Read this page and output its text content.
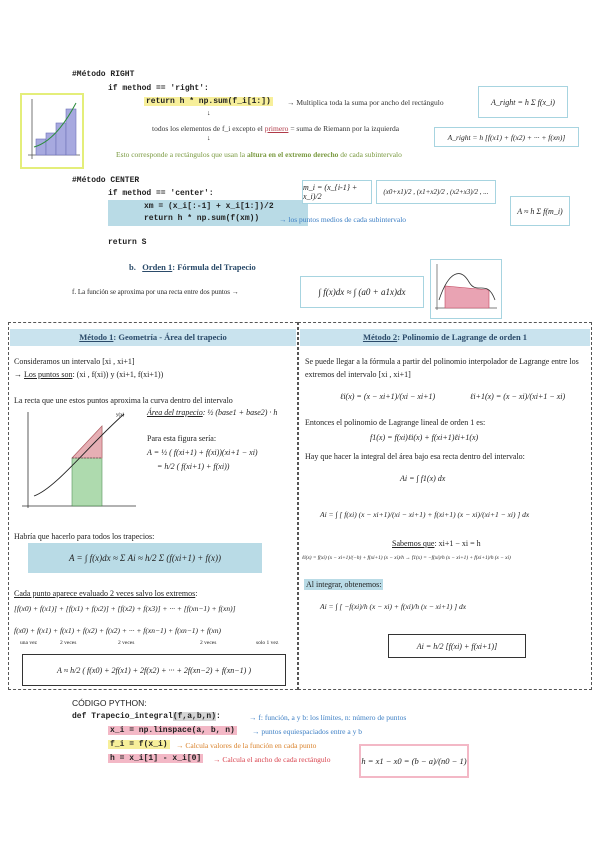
#Método RIGHT
if method == 'right':
return h * np.sum(f_i[1:]) → Multiplica toda la suma por ancho del rectángulo
↓
A_right = h Σ f(x_i)
todos los elementos de f_i excepto el primero = suma de Riemann por la izquierda
↓	A_right = h [f(x1) + f(x2) + ··· + f(xn)]
Esto corresponde a rectángulos que usan la altura en el extremo derecho de cada subintervalo
#Método CENTER
if method == 'center':
xm = (x_i[:-1] + x_i[1:])/2
return h * np.sum(f(xm))	→ los puntos medios de cada subintervalo
m_i = (x_{i-1} + x_i)/2	(x0+x1)/2 , (x1+x2)/2 , (x2+x3)/2 , ...
A ≈ h Σ f(m_i)
return S
b. Orden 1: Fórmula del Trapecio
f. La función se aproxima por una recta entre dos puntos →	∫ f(x)dx ≈ ∫ (a0 + a1x)dx
Método 1: Geometría - Área del trapecio	Método 2: Polinomio de Lagrange de orden 1
Consideramos un intervalo [xi , xi+1]
→ Los puntos son: (xi , f(xi)) y (xi+1, f(xi+1))
La recta que une estos puntos aproxima la curva dentro del intervalo
y(x)	Área del trapecio: ½ (base1 + base2) · h
Para esta figura sería:
A = ½ ( f(xi+1) + f(xi))(xi+1 − xi)
= h/2 ( f(xi+1) + f(xi))
Habría que hacerlo para todos los trapecios:
A = ∫ f(x)dx ≈ Σ Ai ≈ h/2 Σ (f(xi+1) + f(x))
Cada punto aparece evaluado 2 veces salvo los extremos:
[f(x0) + f(x1)] + [f(x1) + f(x2)] + [f(x2) + f(x3)] + ··· + [f(xn−1) + f(xn)]
f(x0) + f(x1) + f(x1) + f(x2) + f(x2) + ··· + f(xn−1) + f(xn−1) + f(xn)
una vez	2 veces	2 veces	2 veces	solo 1 vez
A ≈ h/2 ( f(x0) + 2f(x1) + 2f(x2) + ··· + 2f(xn−2) + f(xn−1) )
Se puede llegar a la fórmula a partir del polinomio interpolador de Lagrange entre los extremos del intervalo [xi , xi+1]
ℓi(x) = (x − xi+1)/(xi − xi+1)	ℓi+1(x) = (x − xi)/(xi+1 − xi)
Entonces el polinomio de Lagrange lineal de orden 1 es:
f1(x) = f(xi)ℓi(x) + f(xi+1)ℓi+1(x)
Hay que hacer la integral del área bajo esa recta dentro del intervalo:
Ai = ∫ f1(x) dx
Ai = ∫ [ f(xi) (x − xi+1)/(xi − xi+1) + f(xi+1) (x − xi)/(xi+1 − xi) ] dx
Sabemos que: xi+1 − xi = h
ℓi(x) = f(xi) (x − xi+1)/(−h) + f(xi+1) (x − xi)/h → f1(x) = −f(xi)/h (x − xi+1) + f(xi+1)/h (x − xi)
Al integrar, obtenemos:
Ai = ∫ [ −f(xi)/h (x − xi) + f(xi)/h (x − xi+1) ] dx
Ai = h/2 [f(xi) + f(xi+1)]
CÓDIGO PYTHON:
def Trapecio_integral(f,a,b,n):	→ f: función, a y b: los límites, n: número de puntos
x_i = np.linspace(a, b, n) → puntos equiespaciados entre a y b
f_i = f(x_i) → Calcula valores de la función en cada punto
h = x_i[1] - x_i[0] → Calcula el ancho de cada rectángulo	h = x1 − x0 = (b − a)/(n0 − 1)
